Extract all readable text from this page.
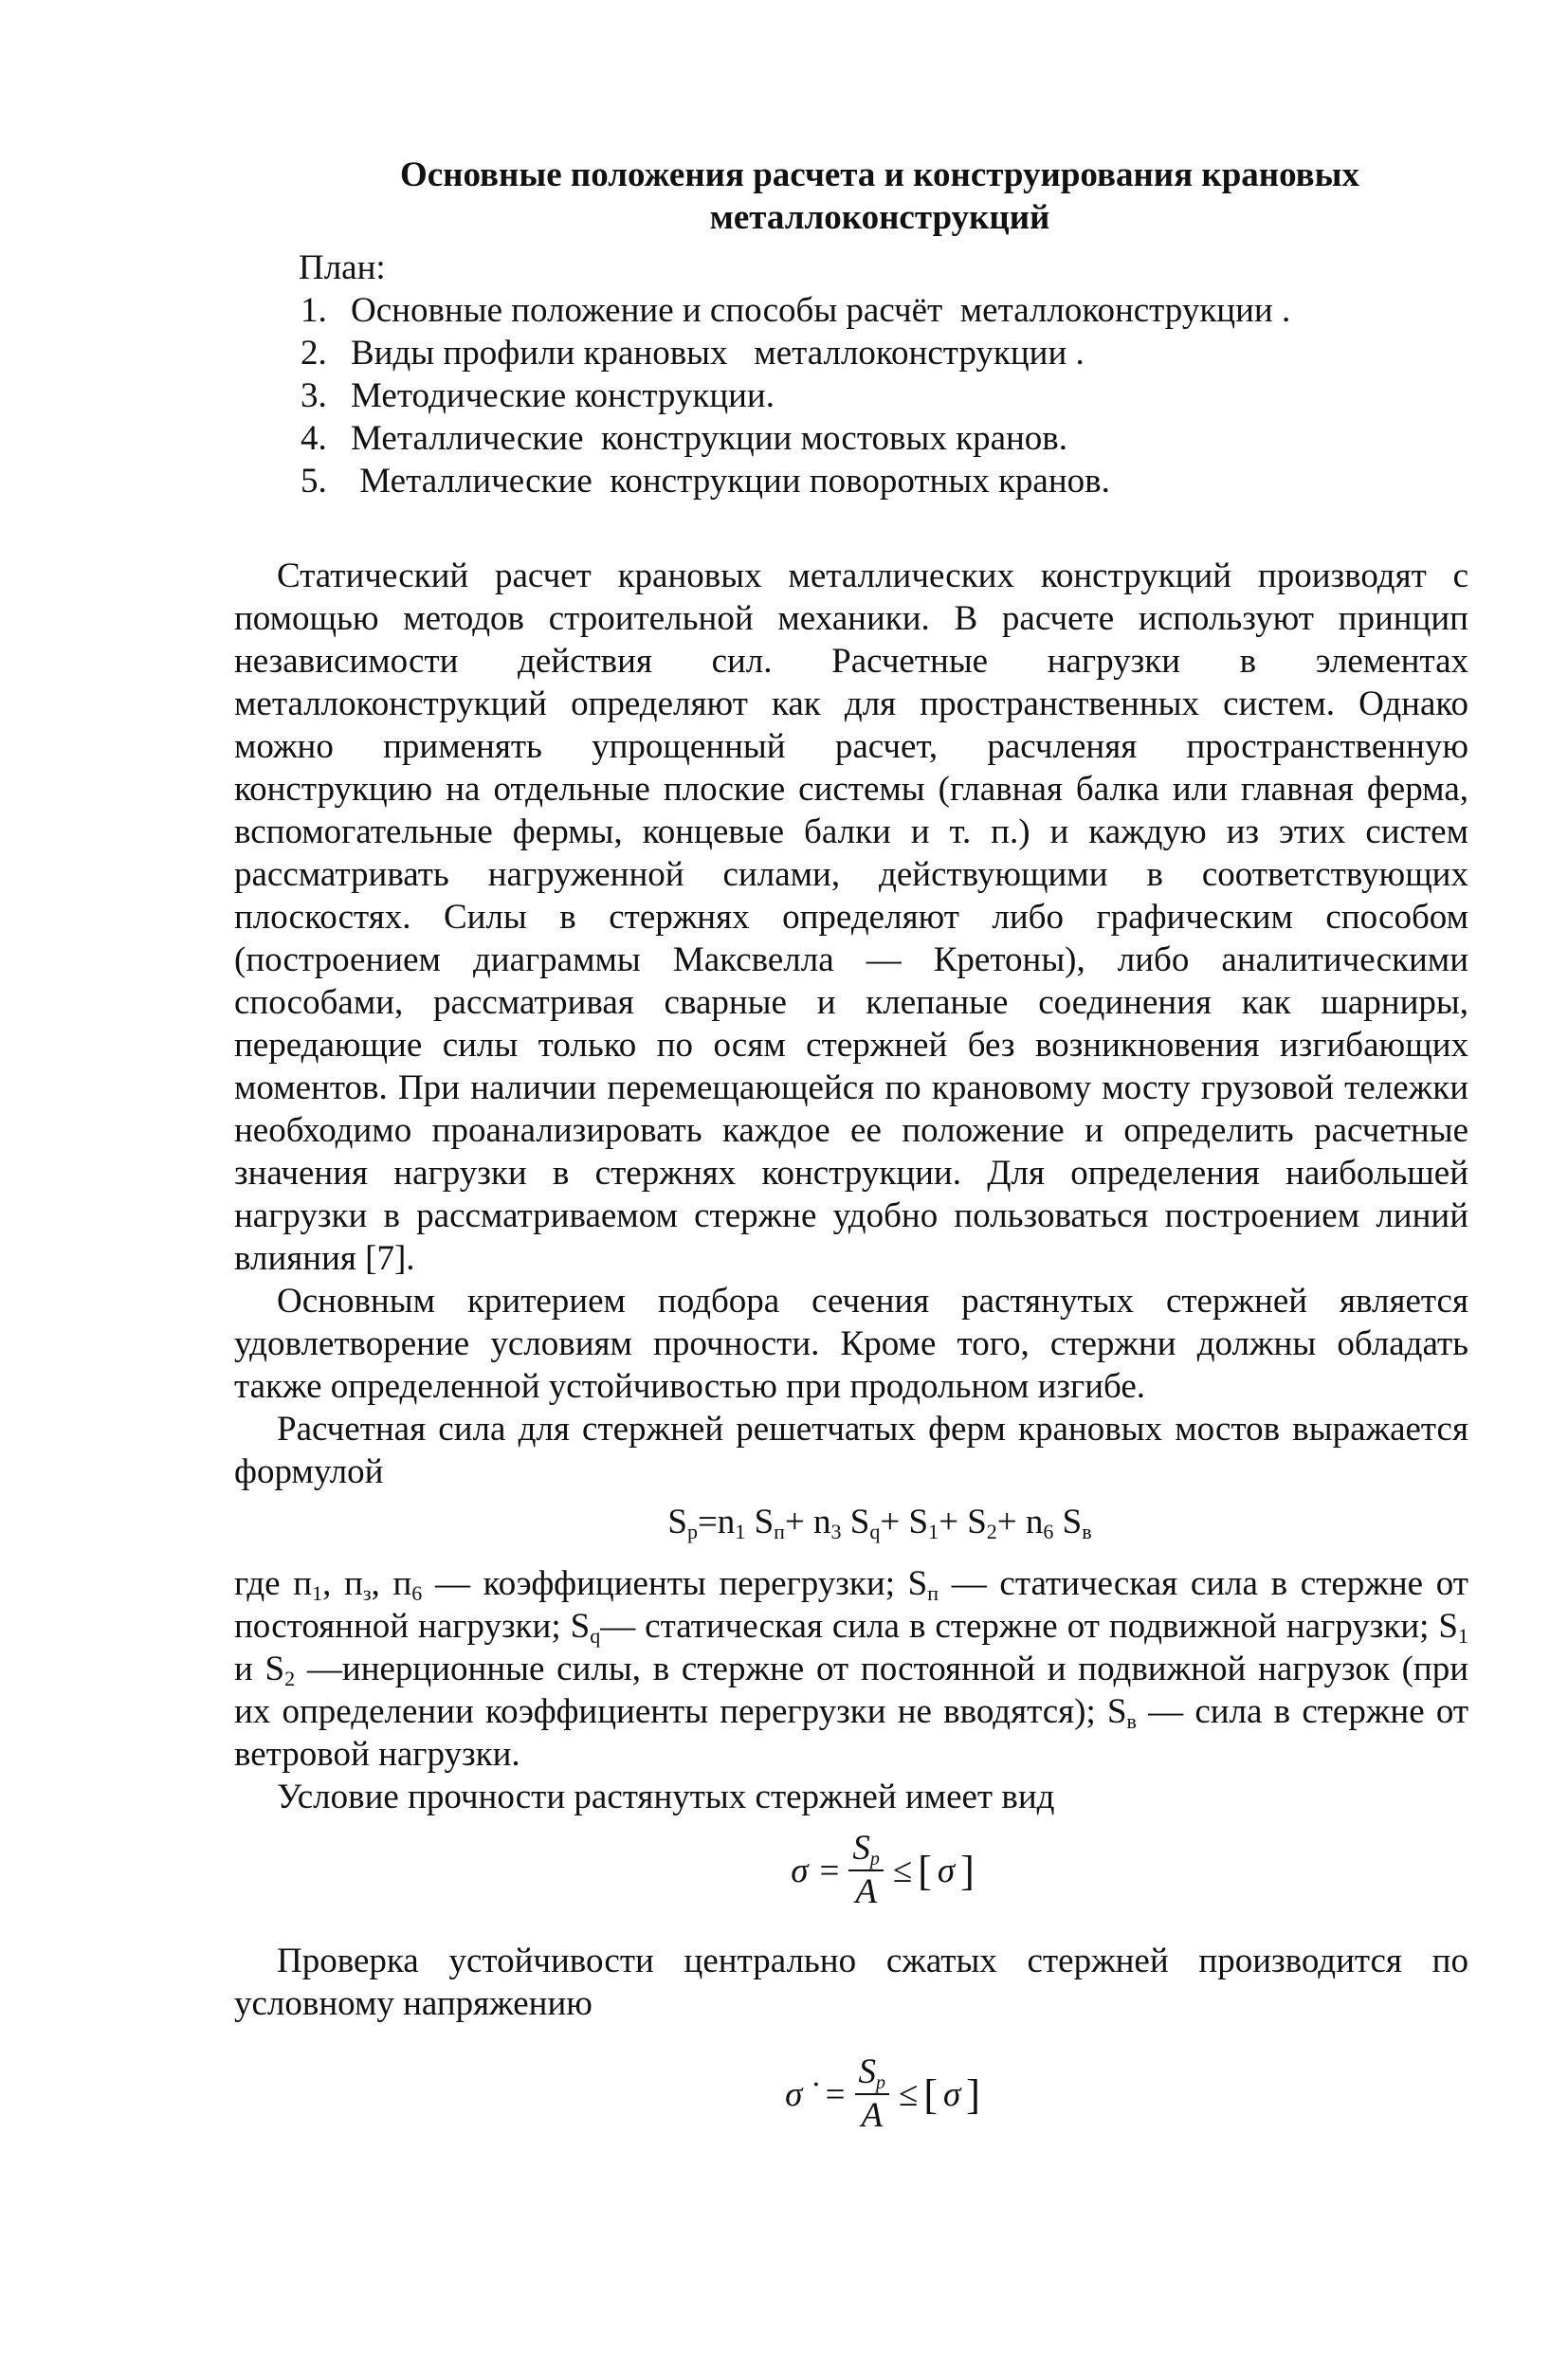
Основные положения расчета и конструирования крановых
металлоконструкций
План:
1. Основные положение и способы расчёт  металлоконструкции .
2. Виды профили крановых   металлоконструкции .
3. Методические конструкции.
4. Металлические  конструкции мостовых кранов.
5. Металлические  конструкции поворотных кранов.

Статический расчет крановых металлических конструкций производят с помощью методов строительной механики. В расчете используют принцип независимости действия сил. Расчетные нагрузки в элементах металлоконструкций определяют как для пространственных систем. Однако можно применять упрощенный расчет, расчленяя пространственную конструкцию на отдельные плоские системы (главная балка или главная ферма, вспомогательные фермы, концевые балки и т. п.) и каждую из этих систем рассматривать нагруженной силами, действующими в соответствующих плоскостях. Силы в стержнях определяют либо графическим способом (построением диаграммы Максвелла — Кретоны), либо аналитическими способами, рассматривая сварные и клепаные соединения как шарниры, передающие силы только по осям стержней без возникновения изгибающих моментов. При наличии перемещающейся по крановому мосту грузовой тележки необходимо проанализировать каждое ее положение и определить расчетные значения нагрузки в стержнях конструкции. Для определения наибольшей нагрузки в рассматриваемом стержне удобно пользоваться построением линий влияния [7].

Основным критерием подбора сечения растянутых стержней является удовлетворение условиям прочности. Кроме того, стержни должны обладать также определенной устойчивостью при продольном изгибе.

Расчетная сила для стержней решетчатых ферм крановых мостов выражается формулой

$S_р=n_1$ $S_п+ n_3$ $S_q+ S_1+ S_2+ n_6$ $S_в$

где $п_1$, $п_з$, $п_6$ — коэффициенты перегрузки; $S_п$ — статическая сила в стержне от постоянной нагрузки; $S_q—$ статическая сила в стержне от подвижной нагрузки; $S_1$ и $S_2$ —инерционные силы, в стержне от постоянной и подвижной нагрузок (при их определении коэффициенты перегрузки не вводятся); $S_в$ — сила в стержне от ветровой нагрузки.

Условие прочности растянутых стержней имеет вид

$\sigma = \frac{S_p}{A}$ ≤ [ σ ]

Проверка устойчивости центрально сжатых стержней производится по условному напряжению

σ ˙ = $\frac{S_p}{A}$ ≤ [ σ ]
